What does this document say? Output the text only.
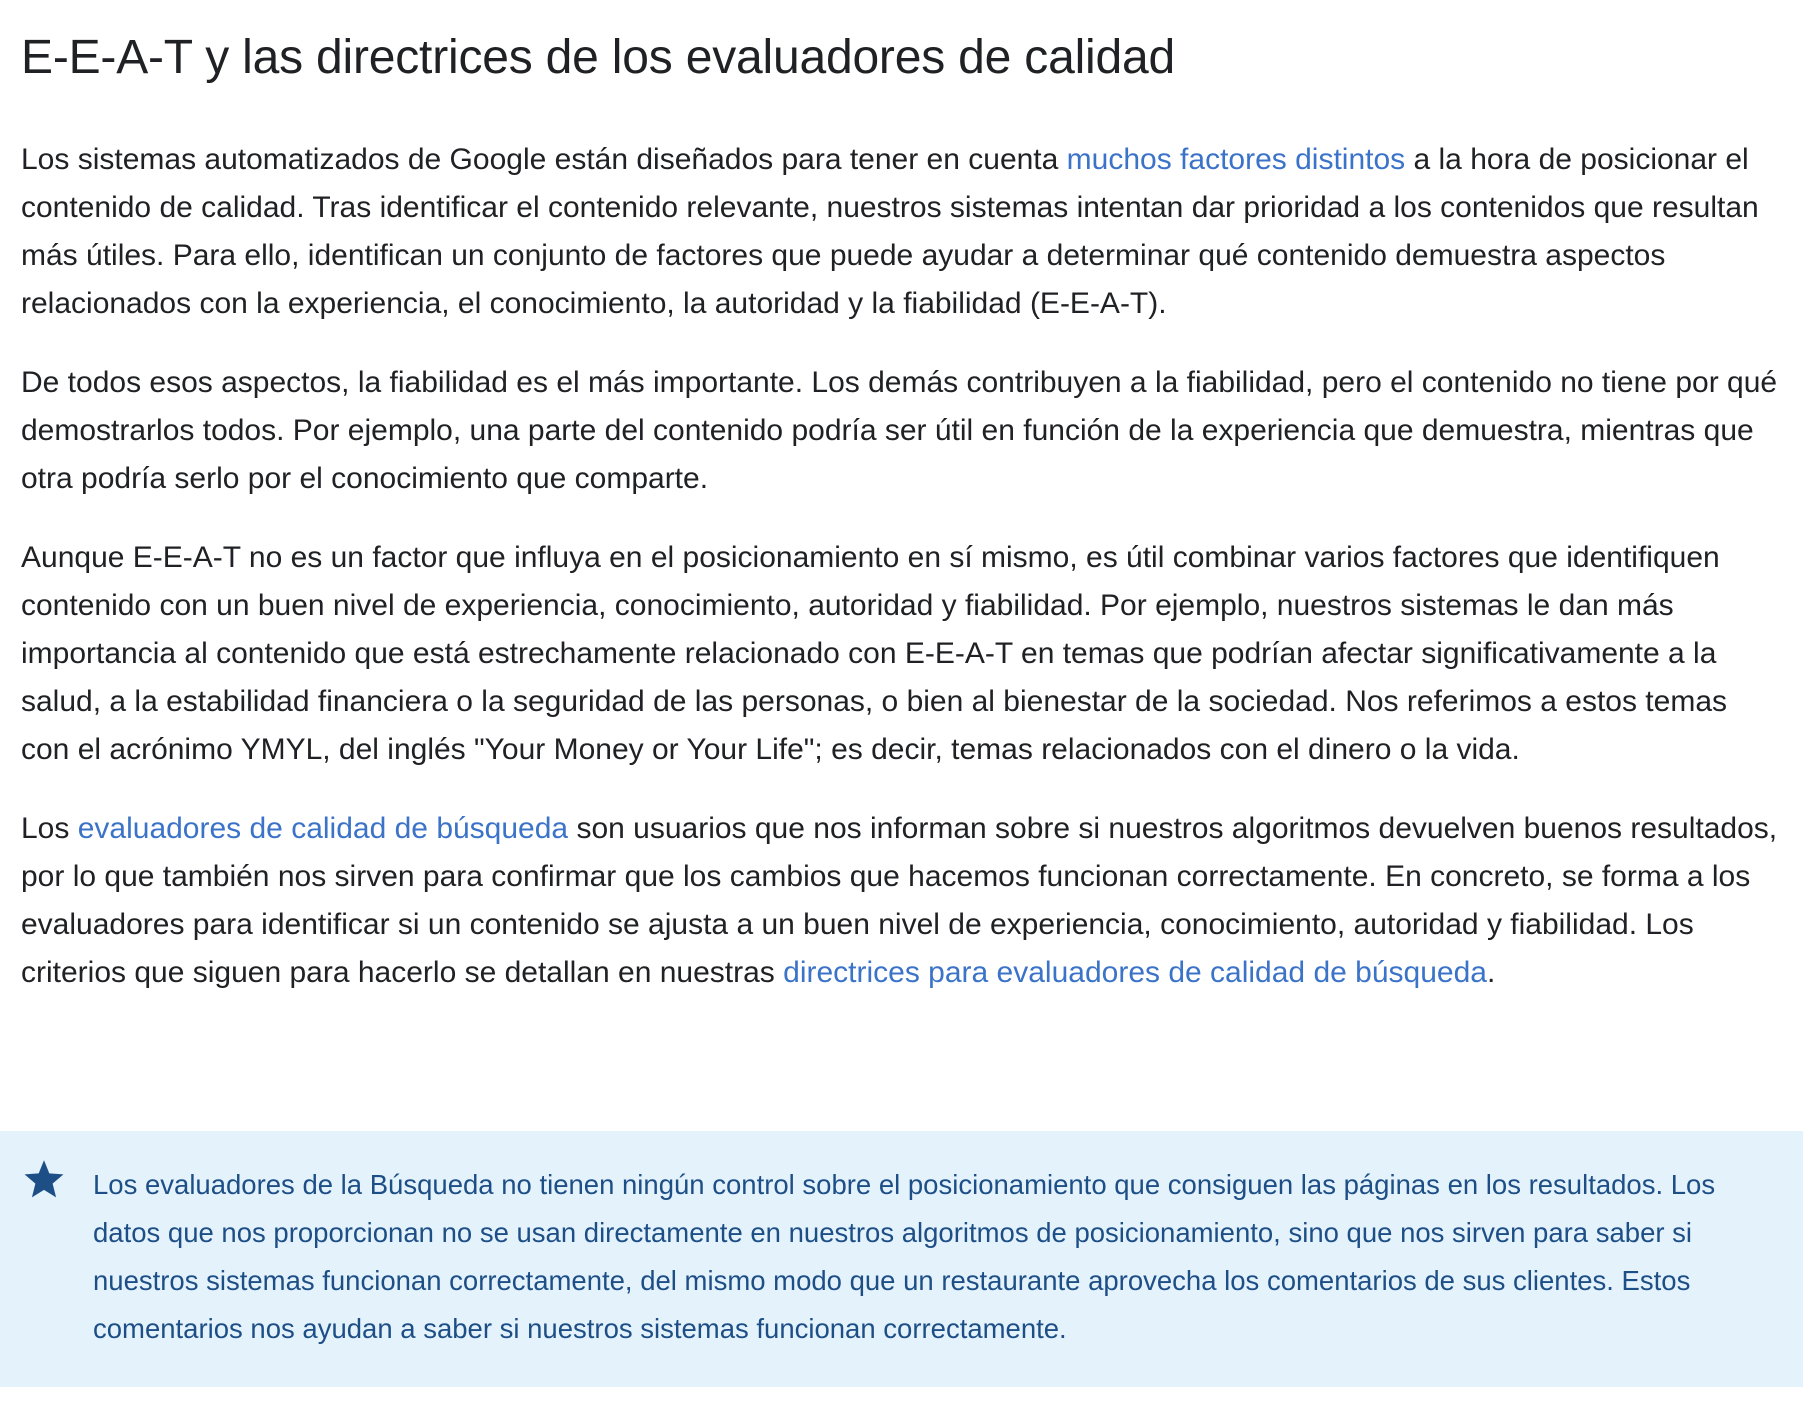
E-E-A-T y las directrices de los evaluadores de calidad

Los sistemas automatizados de Google están diseñados para tener en cuenta muchos factores distintos a la hora de posicionar el contenido de calidad. Tras identificar el contenido relevante, nuestros sistemas intentan dar prioridad a los contenidos que resultan más útiles. Para ello, identifican un conjunto de factores que puede ayudar a determinar qué contenido demuestra aspectos relacionados con la experiencia, el conocimiento, la autoridad y la fiabilidad (E-E-A-T).

De todos esos aspectos, la fiabilidad es el más importante. Los demás contribuyen a la fiabilidad, pero el contenido no tiene por qué demostrarlos todos. Por ejemplo, una parte del contenido podría ser útil en función de la experiencia que demuestra, mientras que otra podría serlo por el conocimiento que comparte.

Aunque E-E-A-T no es un factor que influya en el posicionamiento en sí mismo, es útil combinar varios factores que identifiquen contenido con un buen nivel de experiencia, conocimiento, autoridad y fiabilidad. Por ejemplo, nuestros sistemas le dan más importancia al contenido que está estrechamente relacionado con E-E-A-T en temas que podrían afectar significativamente a la salud, a la estabilidad financiera o la seguridad de las personas, o bien al bienestar de la sociedad. Nos referimos a estos temas con el acrónimo YMYL, del inglés "Your Money or Your Life"; es decir, temas relacionados con el dinero o la vida.

Los evaluadores de calidad de búsqueda son usuarios que nos informan sobre si nuestros algoritmos devuelven buenos resultados, por lo que también nos sirven para confirmar que los cambios que hacemos funcionan correctamente. En concreto, se forma a los evaluadores para identificar si un contenido se ajusta a un buen nivel de experiencia, conocimiento, autoridad y fiabilidad. Los criterios que siguen para hacerlo se detallan en nuestras directrices para evaluadores de calidad de búsqueda.

Los evaluadores de la Búsqueda no tienen ningún control sobre el posicionamiento que consiguen las páginas en los resultados. Los datos que nos proporcionan no se usan directamente en nuestros algoritmos de posicionamiento, sino que nos sirven para saber si nuestros sistemas funcionan correctamente, del mismo modo que un restaurante aprovecha los comentarios de sus clientes. Estos comentarios nos ayudan a saber si nuestros sistemas funcionan correctamente.
